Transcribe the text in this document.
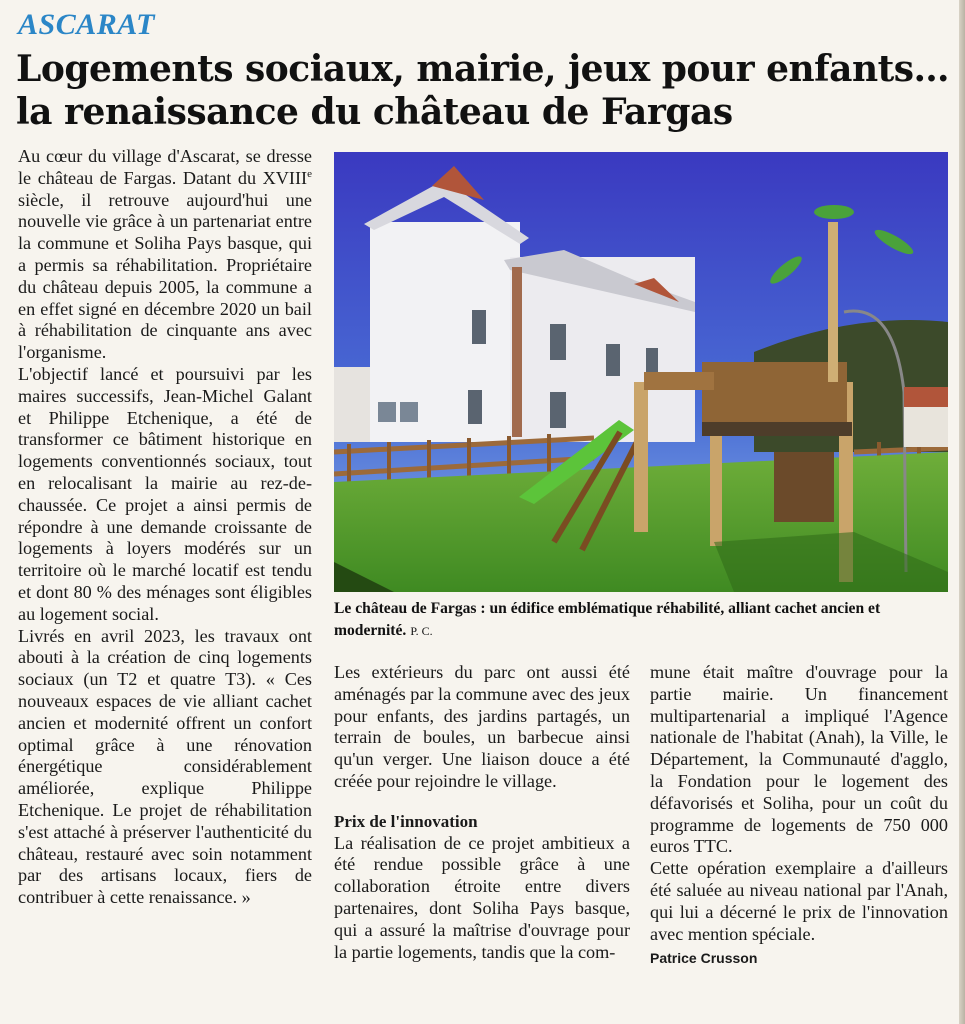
ASCARAT
Logements sociaux, mairie, jeux pour enfants… la renaissance du château de Fargas

Au cœur du village d'Ascarat, se dresse le château de Fargas. Datant du XVIIIe siècle, il retrouve aujourd'hui une nouvelle vie grâce à un partenariat entre la commune et Soliha Pays basque, qui a permis sa réhabilitation. Propriétaire du château depuis 2005, la commune a en effet signé en décembre 2020 un bail à réhabilitation de cinquante ans avec l'organisme.

L'objectif lancé et poursuivi par les maires successifs, Jean-Michel Galant et Philippe Etchenique, a été de transformer ce bâtiment historique en logements conventionnés sociaux, tout en relocalisant la mairie au rez-de-chaussée. Ce projet a ainsi permis de répondre à une demande croissante de logements à loyers modérés sur un territoire où le marché locatif est tendu et dont 80 % des ménages sont éligibles au logement social.

Livrés en avril 2023, les travaux ont abouti à la création de cinq logements sociaux (un T2 et quatre T3). « Ces nouveaux espaces de vie alliant cachet ancien et modernité offrent un confort optimal grâce à une rénovation énergétique considérablement améliorée, explique Philippe Etchenique. Le projet de réhabilitation s'est attaché à préserver l'authenticité du château, restauré avec soin notamment par des artisans locaux, fiers de contribuer à cette renaissance. »

Le château de Fargas : un édifice emblématique réhabilité, alliant cachet ancien et modernité. P. C.

Les extérieurs du parc ont aussi été aménagés par la commune avec des jeux pour enfants, des jardins partagés, un terrain de boules, un barbecue ainsi qu'un verger. Une liaison douce a été créée pour rejoindre le village.

Prix de l'innovation

La réalisation de ce projet ambitieux a été rendue possible grâce à une collaboration étroite entre divers partenaires, dont Soliha Pays basque, qui a assuré la maîtrise d'ouvrage pour la partie logements, tandis que la com-

mune était maître d'ouvrage pour la partie mairie. Un financement multipartenarial a impliqué l'Agence nationale de l'habitat (Anah), la Ville, le Département, la Communauté d'agglo, la Fondation pour le logement des défavorisés et Soliha, pour un coût du programme de logements de 750 000 euros TTC.

Cette opération exemplaire a d'ailleurs été saluée au niveau national par l'Anah, qui lui a décerné le prix de l'innovation avec mention spéciale.

Patrice Crusson
